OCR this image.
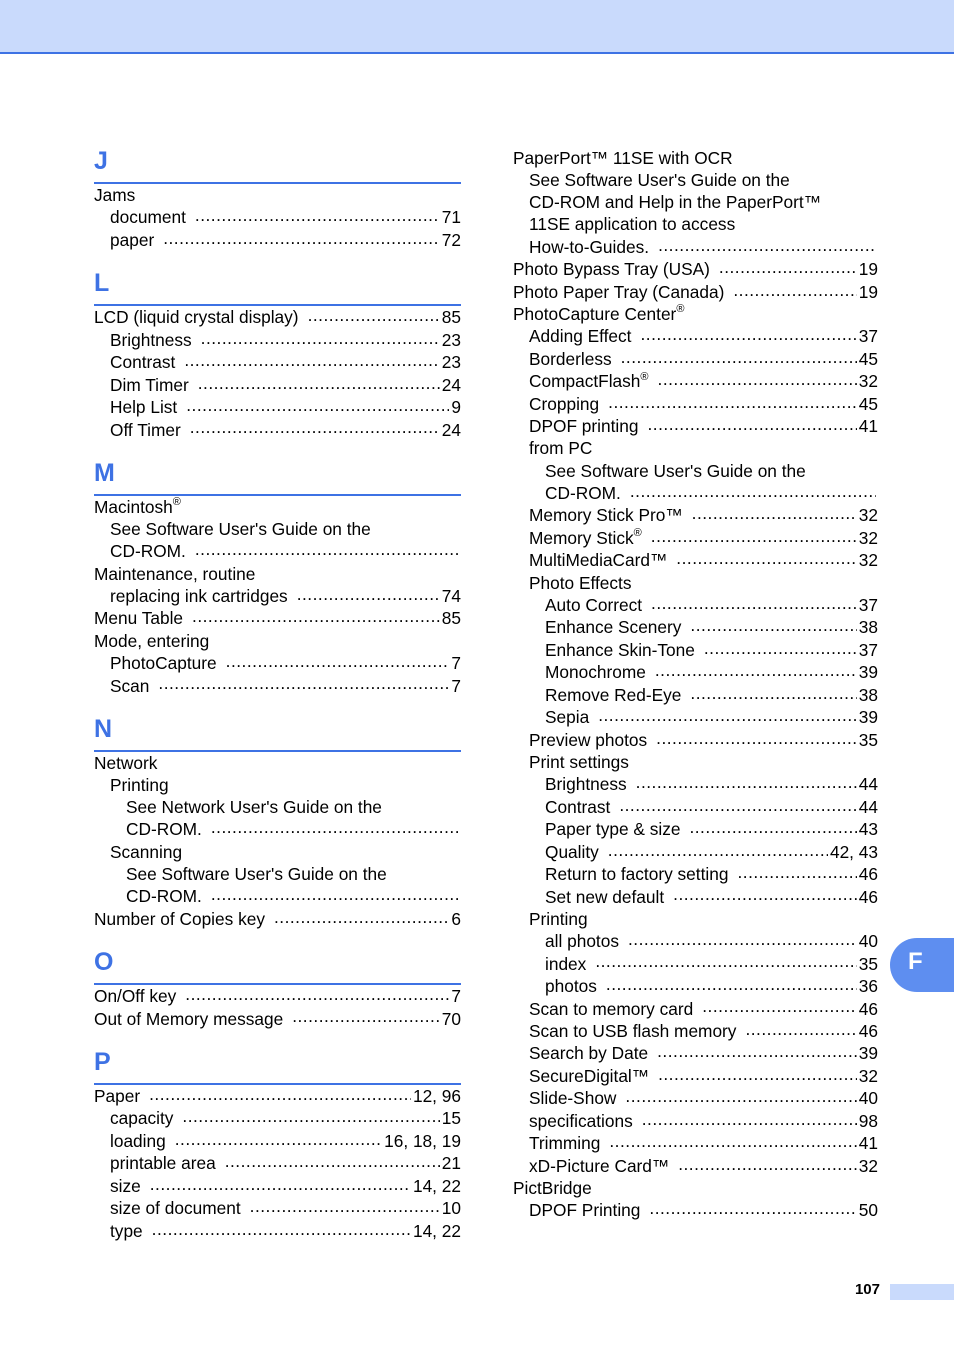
J
Jams
document .....	71
paper .....	72
L
LCD (liquid crystal display) .....	85
Brightness .....	23
Contrast .....	23
Dim Timer .....	24
Help List .....	9
Off Timer .....	24
M
Macintosh®
See Software User's Guide on the
CD-ROM.
.....
Maintenance, routine
replacing ink cartridges .....	74
Menu Table .....	85
Mode, entering
PhotoCapture .....	7
Scan .....	7
N
Network
Printing
See Network User's Guide on the
CD-ROM.
.....
Scanning
See Software User's Guide on the
CD-ROM.
.....
Number of Copies key .....	6
O
On/Off key .....	7
Out of Memory message .....	70
P
Paper .....	12, 96
capacity .....	15
loading .....	16, 18, 19
printable area .....	21
size .....	14, 22
size of document .....	10
type .....	14, 22
PaperPort™ 11SE with OCR
See Software User's Guide on the
CD-ROM and Help in the PaperPort™
11SE application to access
How-to-Guides.
.....
Photo Bypass Tray (USA) .....	19
Photo Paper Tray (Canada) .....	19
PhotoCapture Center®
Adding Effect .....	37
Borderless .....	45
CompactFlash® .....	32
Cropping .....	45
DPOF printing .....	41
from PC
See Software User's Guide on the
CD-ROM.
.....
Memory Stick Pro™ .....	32
Memory Stick® .....	32
MultiMediaCard™ .....	32
Photo Effects
Auto Correct .....	37
Enhance Scenery .....	38
Enhance Skin-Tone .....	37
Monochrome .....	39
Remove Red-Eye .....	38
Sepia .....	39
Preview photos .....	35
Print settings
Brightness .....	44
Contrast .....	44
Paper type & size .....	43
Quality .....	42, 43
Return to factory setting .....	46
Set new default .....	46
Printing
all photos .....	40
index .....	35
photos .....	36
Scan to memory card .....	46
Scan to USB flash memory .....	46
Search by Date .....	39
SecureDigital™ .....	32
Slide-Show .....	40
specifications .....	98
Trimming .....	41
xD-Picture Card™ .....	32
PictBridge
DPOF Printing .....	50
F
107
